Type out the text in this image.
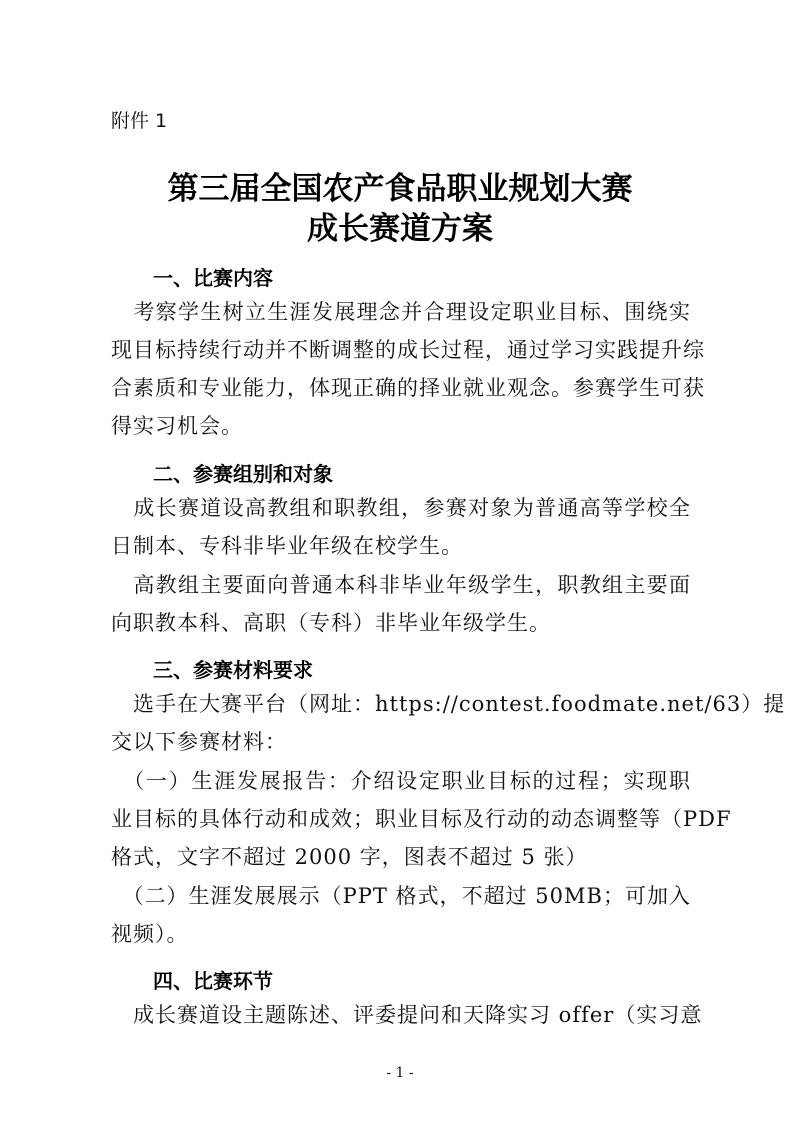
附件 1
第三届全国农产食品职业规划大赛
成长赛道方案
一、比赛内容
　考察学生树立生涯发展理念并合理设定职业目标、围绕实
现目标持续行动并不断调整的成长过程，通过学习实践提升综
合素质和专业能力，体现正确的择业就业观念。参赛学生可获
得实习机会。
二、参赛组别和对象
　成长赛道设高教组和职教组，参赛对象为普通高等学校全
日制本、专科非毕业年级在校学生。
　高教组主要面向普通本科非毕业年级学生，职教组主要面
向职教本科、高职（专科）非毕业年级学生。
三、参赛材料要求
　选手在大赛平台（网址：https://contest.foodmate.net/63）提
交以下参赛材料：
　（一）生涯发展报告：介绍设定职业目标的过程；实现职
业目标的具体行动和成效；职业目标及行动的动态调整等（PDF
格式，文字不超过 2000 字，图表不超过 5 张）
　（二）生涯发展展示（PPT 格式，不超过 50MB；可加入
视频）。
四、比赛环节
　成长赛道设主题陈述、评委提问和天降实习 offer（实习意
- 1 -
